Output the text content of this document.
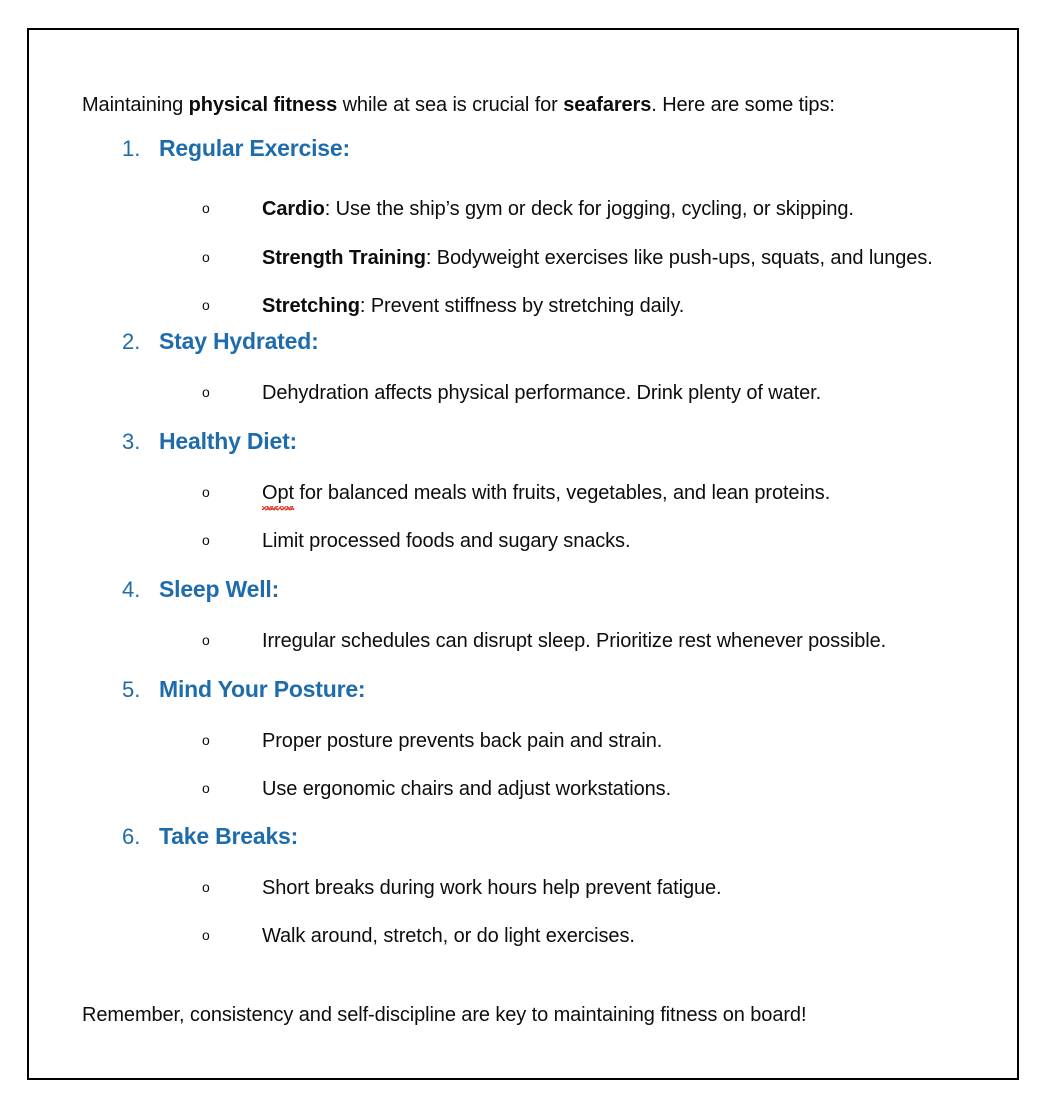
Maintaining physical fitness while at sea is crucial for seafarers. Here are some tips:

1. Regular Exercise:
o	Cardio: Use the ship’s gym or deck for jogging, cycling, or skipping.
o	Strength Training: Bodyweight exercises like push-ups, squats, and lunges.
o	Stretching: Prevent stiffness by stretching daily.
2. Stay Hydrated:
o	Dehydration affects physical performance. Drink plenty of water.
3. Healthy Diet:
o	Opt
for balanced meals with fruits, vegetables, and lean proteins.
o	Limit processed foods and sugary snacks.
4. Sleep Well:
o	Irregular schedules can disrupt sleep. Prioritize rest whenever possible.
5. Mind Your Posture:
o	Proper posture prevents back pain and strain.
o	Use ergonomic chairs and adjust workstations.
6. Take Breaks:
o	Short breaks during work hours help prevent fatigue.
o	Walk around, stretch, or do light exercises.

Remember, consistency and self-discipline are key to maintaining fitness on board!
